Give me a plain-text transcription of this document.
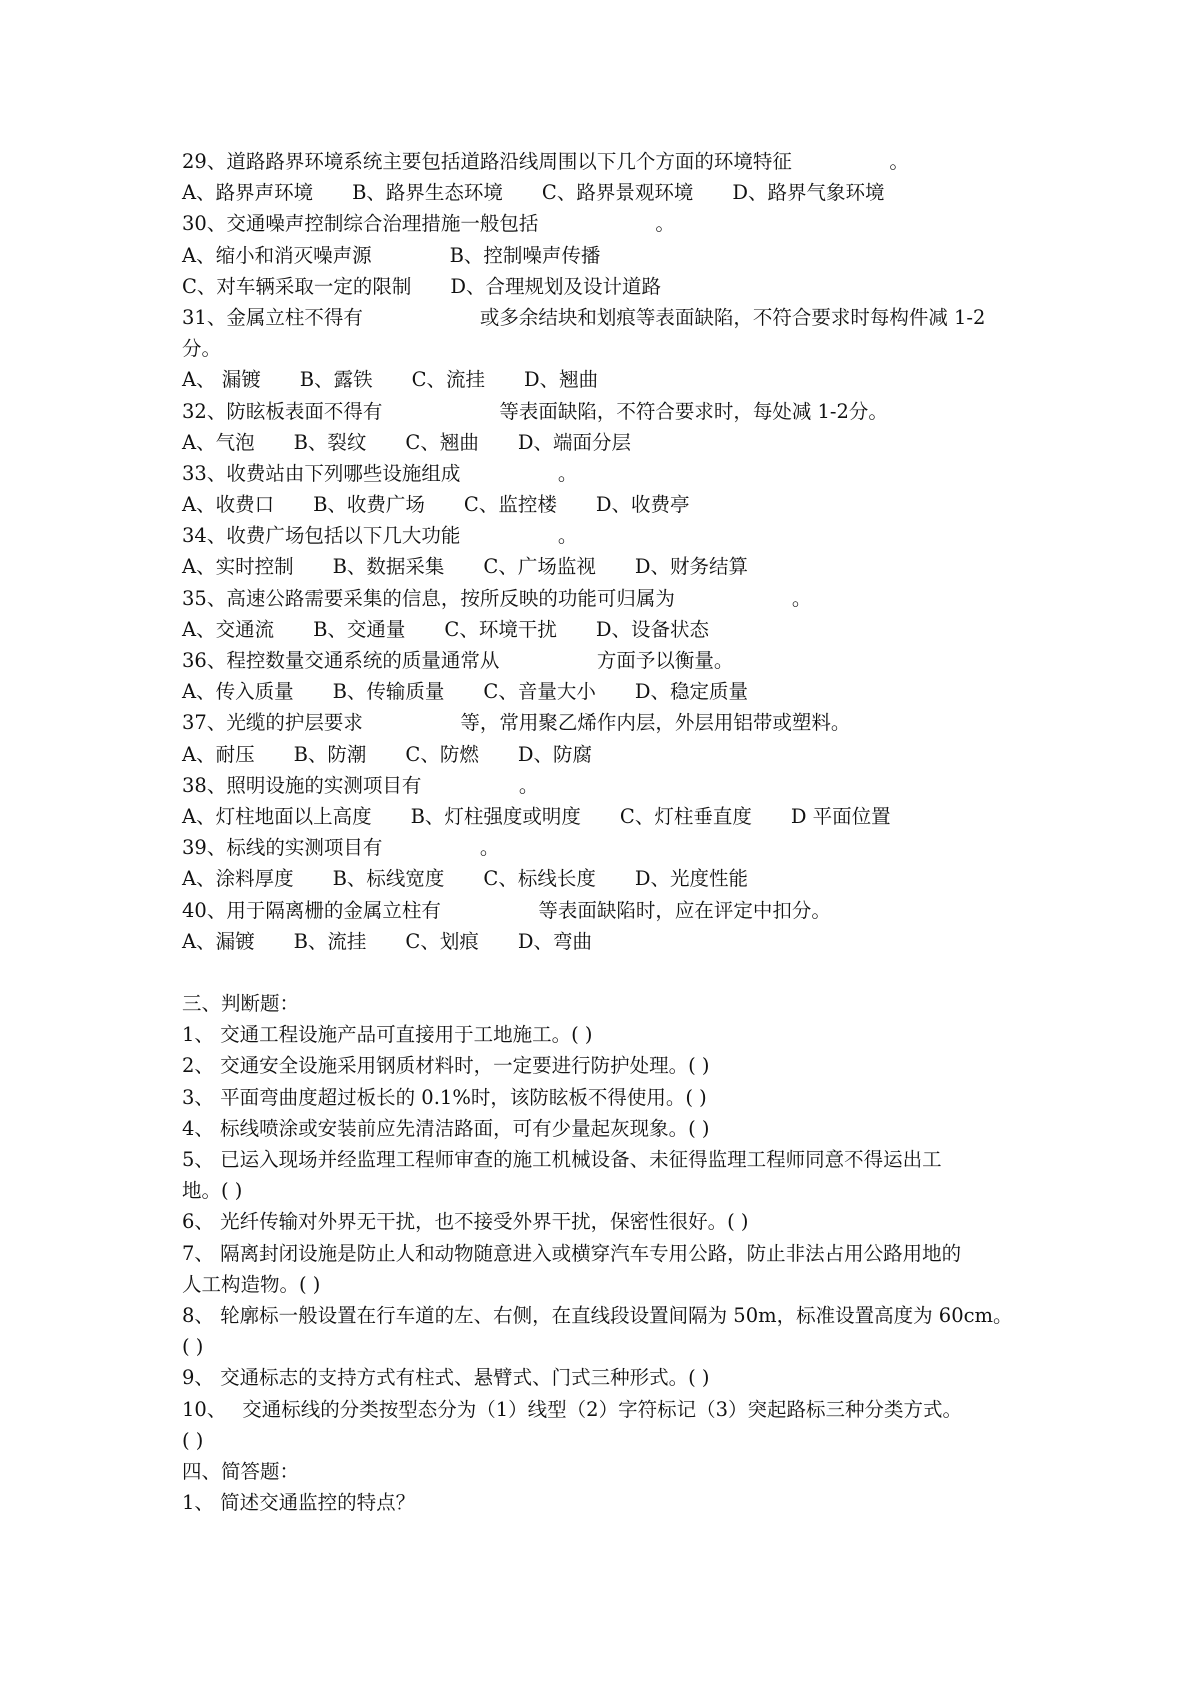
29、道路路界环境系统主要包括道路沿线周围以下几个方面的环境特征　　　　　。
A、路界声环境　　B、路界生态环境　　C、路界景观环境　　D、路界气象环境
30、交通噪声控制综合治理措施一般包括　　　　　　。
A、缩小和消灭噪声源　　　　B、控制噪声传播
C、对车辆采取一定的限制　　D、合理规划及设计道路
31、金属立柱不得有　　　　　　或多余结块和划痕等表面缺陷，不符合要求时每构件减 1-2
分。
A、 漏镀　　B、露铁　　C、流挂　　D、翘曲
32、防眩板表面不得有　　　　　　等表面缺陷，不符合要求时，每处减 1-2分。
A、气泡　　B、裂纹　　C、翘曲　　D、端面分层
33、收费站由下列哪些设施组成　　　　　。
A、收费口　　B、收费广场　　C、监控楼　　D、收费亭
34、收费广场包括以下几大功能　　　　　。
A、实时控制　　B、数据采集　　C、广场监视　　D、财务结算
35、高速公路需要采集的信息，按所反映的功能可归属为　　　　　　。
A、交通流　　B、交通量　　C、环境干扰　　D、设备状态
36、程控数量交通系统的质量通常从　　　　　方面予以衡量。
A、传入质量　　B、传输质量　　C、音量大小　　D、稳定质量
37、光缆的护层要求　　　　　等，常用聚乙烯作内层，外层用铝带或塑料。
A、耐压　　B、防潮　　C、防燃　　D、防腐
38、照明设施的实测项目有　　　　　。
A、灯柱地面以上高度　　B、灯柱强度或明度　　C、灯柱垂直度　　D 平面位置
39、标线的实测项目有　　　　　。
A、涂料厚度　　B、标线宽度　　C、标线长度　　D、光度性能
40、用于隔离栅的金属立柱有　　　　　等表面缺陷时，应在评定中扣分。
A、漏镀　　B、流挂　　C、划痕　　D、弯曲
三、判断题：
1、 交通工程设施产品可直接用于工地施工。( )
2、 交通安全设施采用钢质材料时，一定要进行防护处理。( )
3、 平面弯曲度超过板长的 0.1%时，该防眩板不得使用。( )
4、 标线喷涂或安装前应先清洁路面，可有少量起灰现象。( )
5、 已运入现场并经监理工程师审查的施工机械设备、未征得监理工程师同意不得运出工
地。( )
6、 光纤传输对外界无干扰，也不接受外界干扰，保密性很好。( )
7、 隔离封闭设施是防止人和动物随意进入或横穿汽车专用公路，防止非法占用公路用地的
人工构造物。( )
8、 轮廓标一般设置在行车道的左、右侧，在直线段设置间隔为 50m，标准设置高度为 60cm。
( )
9、 交通标志的支持方式有柱式、悬臂式、门式三种形式。( )
10、　 交通标线的分类按型态分为（1）线型（2）字符标记（3）突起路标三种分类方式。
( )
四、简答题：
1、 简述交通监控的特点？
